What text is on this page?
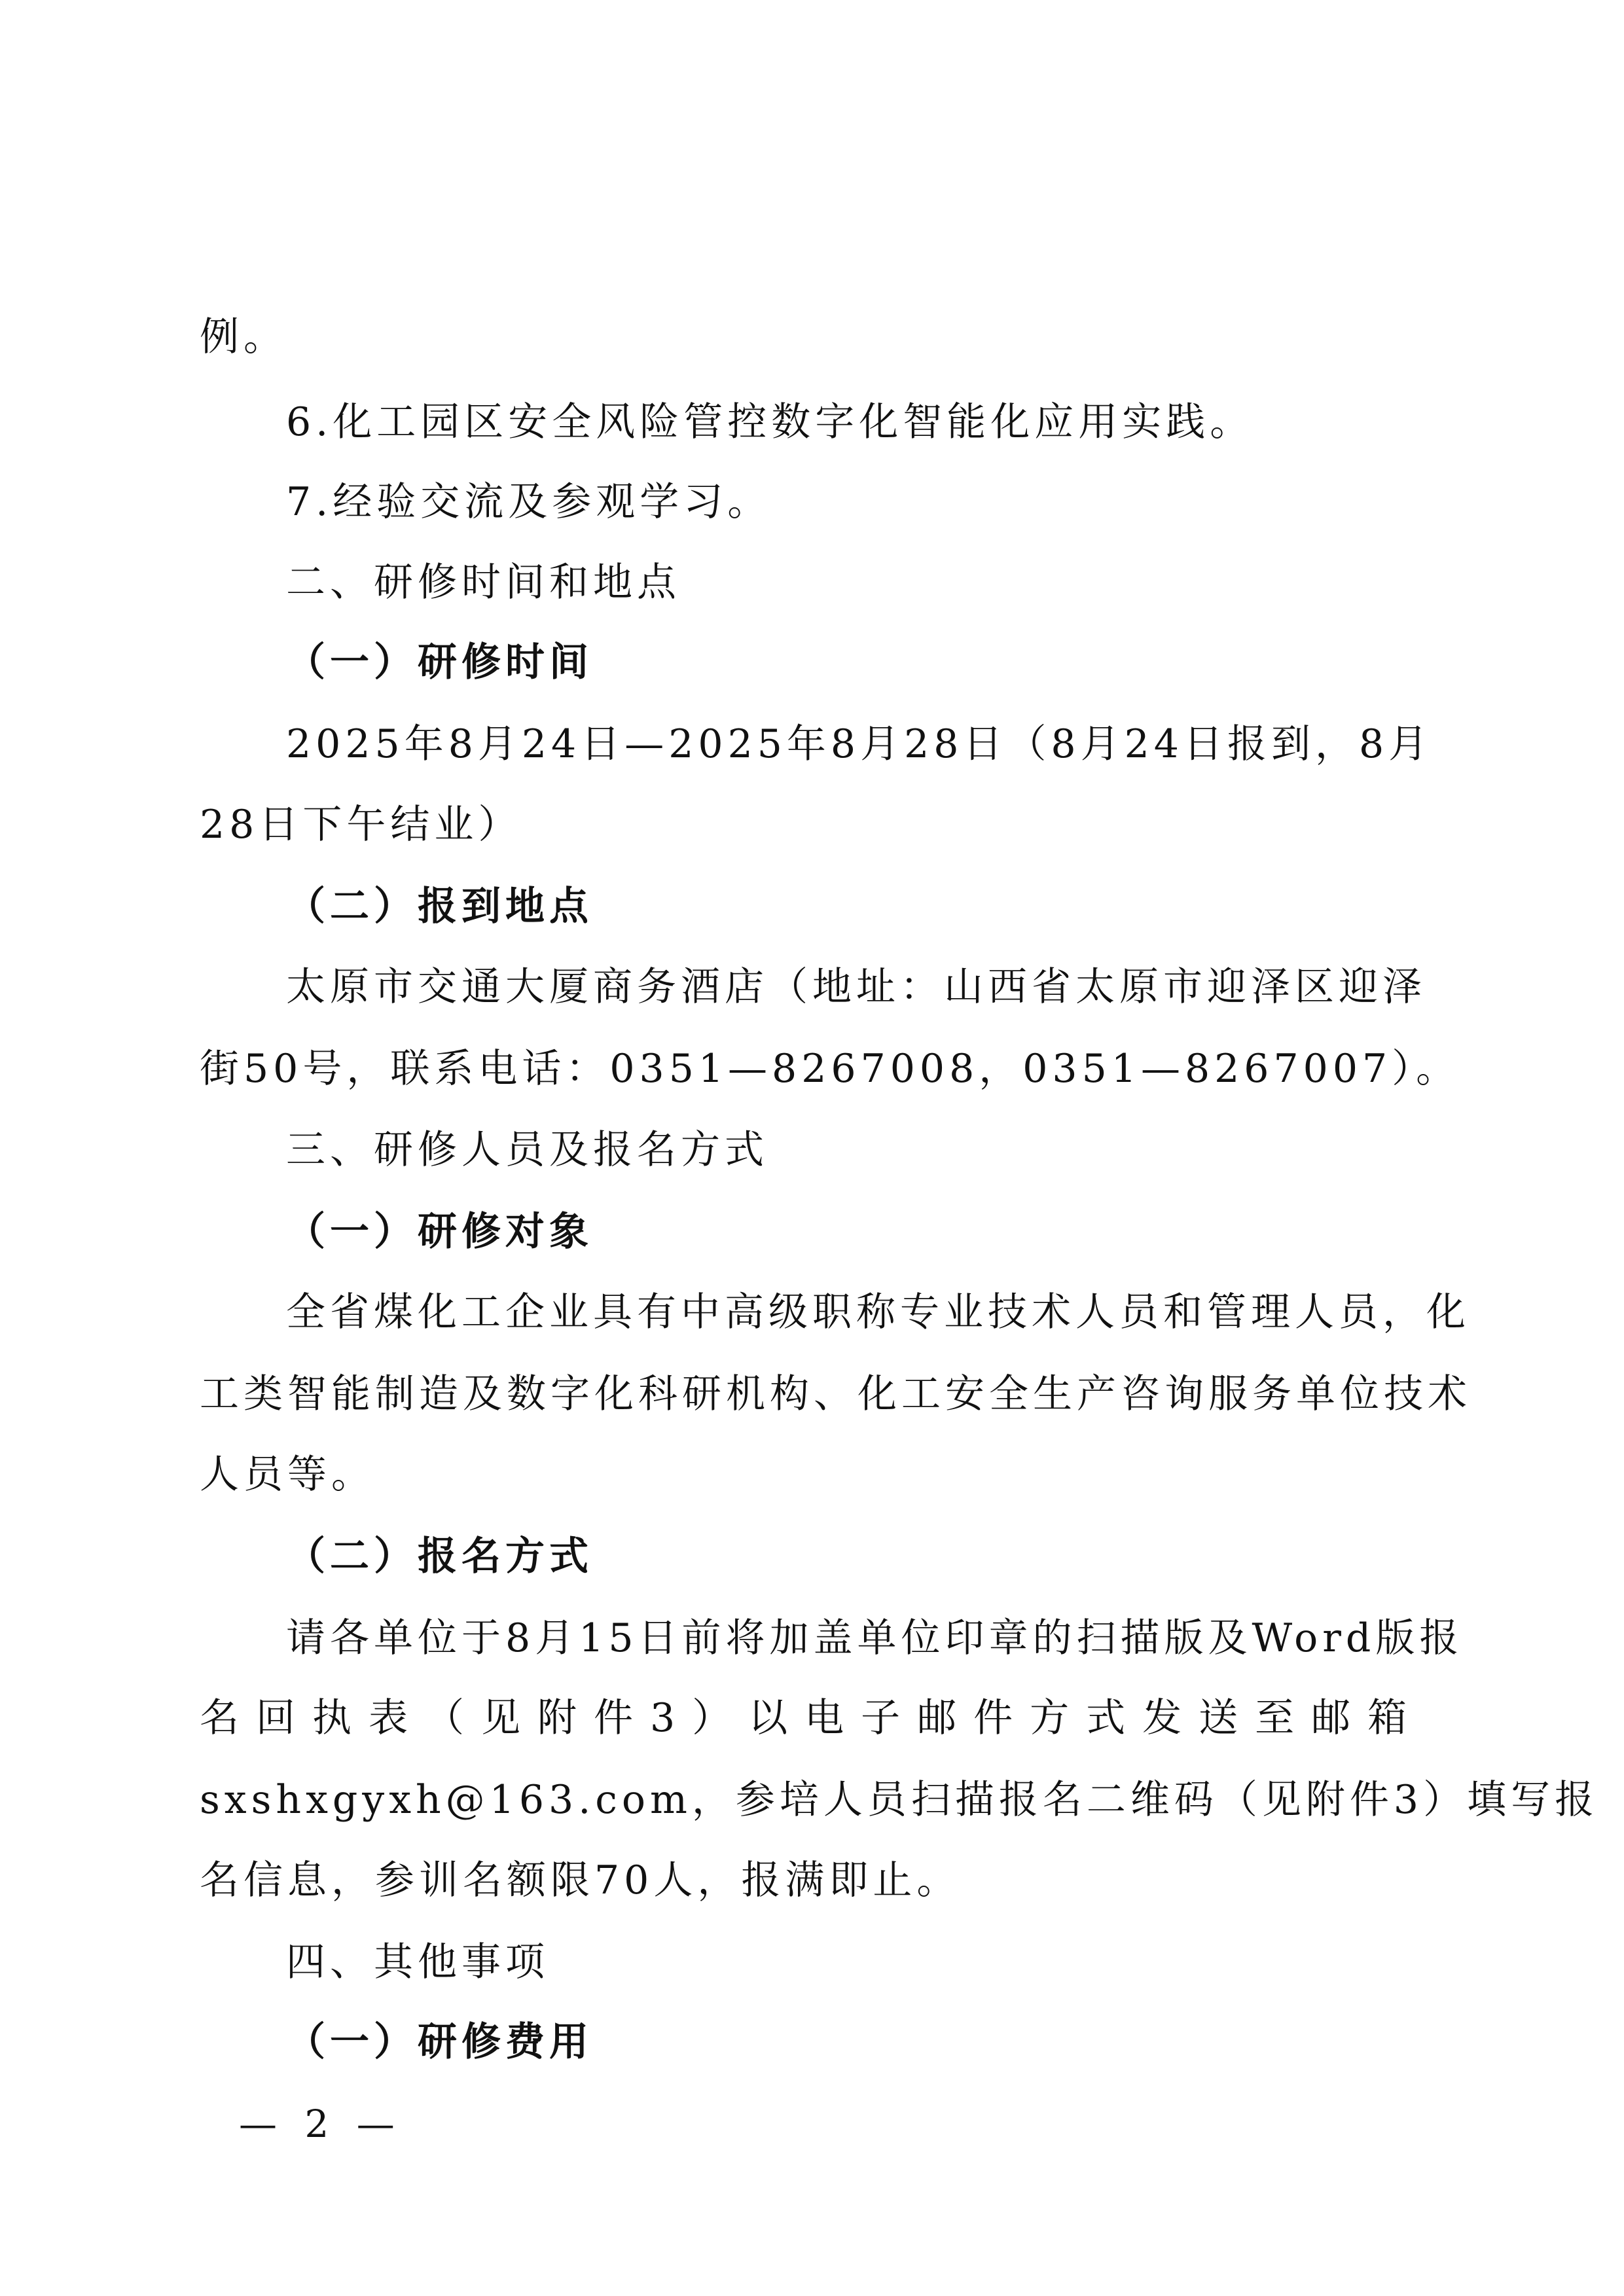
例。

6.化工园区安全风险管控数字化智能化应用实践。

7.经验交流及参观学习。

二、研修时间和地点

（一）研修时间

2025年8月24日—2025年8月28日（8月24日报到，8月

28日下午结业）

（二）报到地点

太原市交通大厦商务酒店（地址：山西省太原市迎泽区迎泽

街50号，联系电话：0351—8267008，0351—8267007）。

三、研修人员及报名方式

（一）研修对象

全省煤化工企业具有中高级职称专业技术人员和管理人员，化

工类智能制造及数字化科研机构、化工安全生产咨询服务单位技术

人员等。

（二）报名方式

请各单位于8月15日前将加盖单位印章的扫描版及Word版报

名回执表（见附件3）以电子邮件方式发送至邮箱

sxshxgyxh@163.com，参培人员扫描报名二维码（见附件3）填写报

名信息，参训名额限70人，报满即止。

四、其他事项

（一）研修费用

— 2 —
